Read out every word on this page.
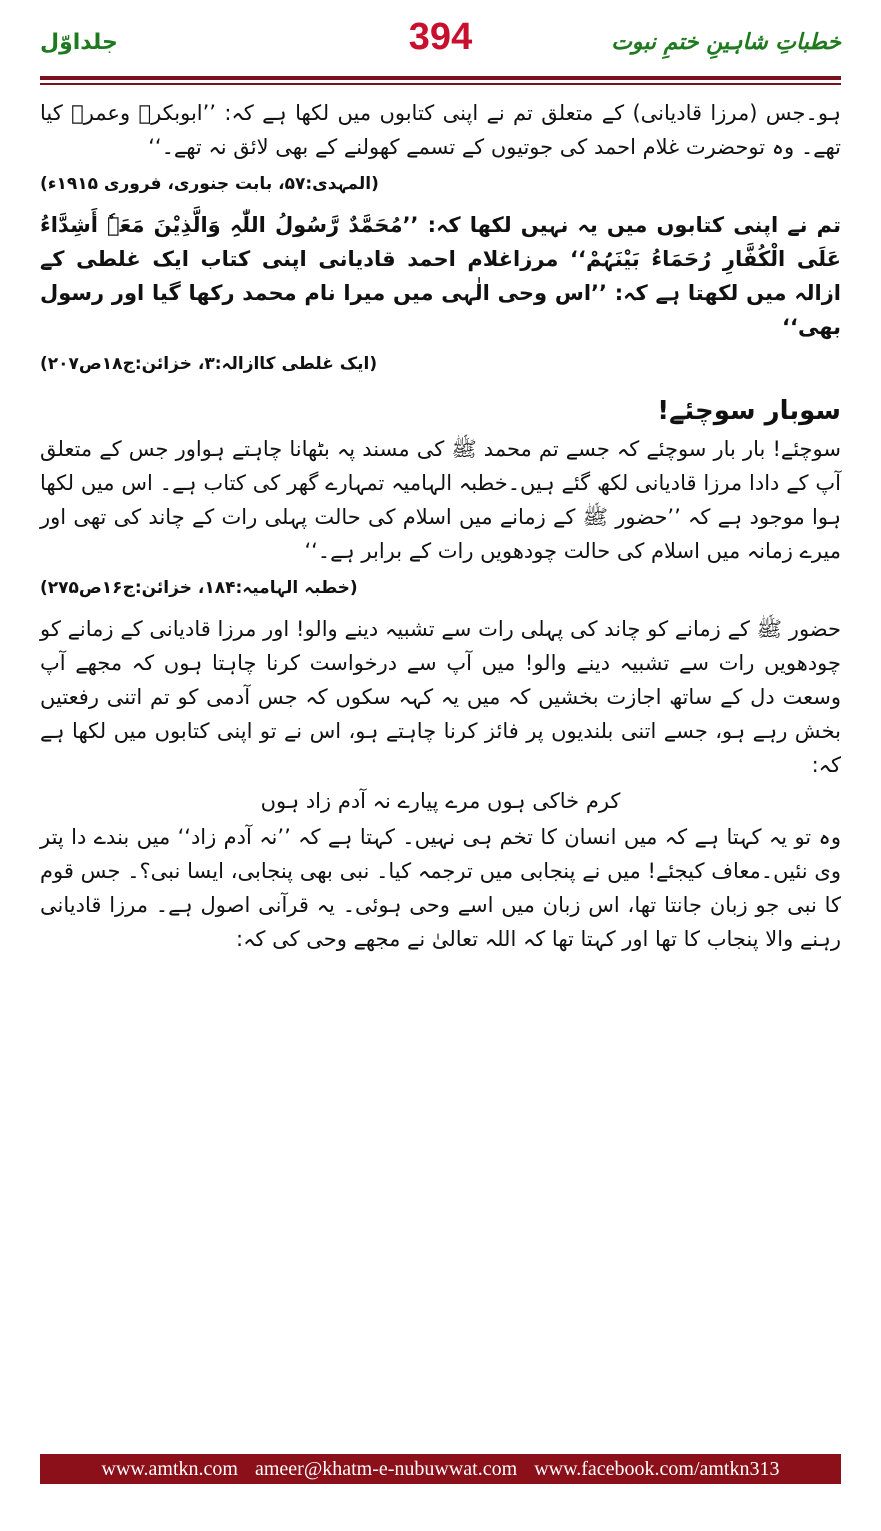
جلداوّل	394	خطباتِ شاہینِ ختمِ نبوت

ہو۔جس (مرزا قادیانی) کے متعلق تم نے اپنی کتابوں میں لکھا ہے کہ: ’’ابوبکرؓ وعمرؓ کیا تھے۔ وہ توحضرت غلام احمد کی جوتیوں کے تسمے کھولنے کے بھی لائق نہ تھے۔‘‘

(المہدی:۵۷، بابت جنوری، فروری ۱۹۱۵ء)

تم نے اپنی کتابوں میں یہ نہیں لکھا کہ: ’’مُحَمَّدٌ رَّسُولُ اللّٰہِ وَالَّذِیْنَ مَعَہٗ أَشِدَّاءُ عَلَی الْکُفَّارِ رُحَمَاءُ بَیْنَہُمْ‘‘ مرزاغلام احمد قادیانی اپنی کتاب ایک غلطی کے ازالہ میں لکھتا ہے کہ: ’’اس وحی الٰہی میں میرا نام محمد رکھا گیا اور رسول بھی‘‘

(ایک غلطی کاازالہ:۳، خزائن:ج۱۸ص۲۰۷)

سوبار سوچئے!

سوچئے! بار بار سوچئے کہ جسے تم محمد ﷺ کی مسند پہ بٹھانا چاہتے ہواور جس کے متعلق آپ کے دادا مرزا قادیانی لکھ گئے ہیں۔خطبہ الہامیہ تمہارے گھر کی کتاب ہے۔ اس میں لکھا ہوا موجود ہے کہ ’’حضور ﷺ کے زمانے میں اسلام کی حالت پہلی رات کے چاند کی تھی اور میرے زمانہ میں اسلام کی حالت چودھویں رات کے برابر ہے۔‘‘

(خطبہ الہامیہ:۱۸۴، خزائن:ج۱۶ص۲۷۵)

حضور ﷺ کے زمانے کو چاند کی پہلی رات سے تشبیہ دینے والو! اور مرزا قادیانی کے زمانے کو چودھویں رات سے تشبیہ دینے والو! میں آپ سے درخواست کرنا چاہتا ہوں کہ مجھے آپ وسعت دل کے ساتھ اجازت بخشیں کہ میں یہ کہہ سکوں کہ جس آدمی کو تم اتنی رفعتیں بخش رہے ہو، جسے اتنی بلندیوں پر فائز کرنا چاہتے ہو، اس نے تو اپنی کتابوں میں لکھا ہے کہ:

کرم خاکی ہوں مرے پیارے نہ آدم زاد ہوں

وہ تو یہ کہتا ہے کہ میں انسان کا تخم ہی نہیں۔ کہتا ہے کہ ’’نہ آدم زاد‘‘ میں بندے دا پتر وی نئیں۔معاف کیجئے! میں نے پنجابی میں ترجمہ کیا۔ نبی بھی پنجابی، ایسا نبی؟۔ جس قوم کا نبی جو زبان جانتا تھا، اس زبان میں اسے وحی ہوئی۔ یہ قرآنی اصول ہے۔ مرزا قادیانی رہنے والا پنجاب کا تھا اور کہتا تھا کہ اللہ تعالیٰ نے مجھے وحی کی کہ:

www.amtkn.com ameer@khatm-e-nubuwwat.com www.facebook.com/amtkn313
